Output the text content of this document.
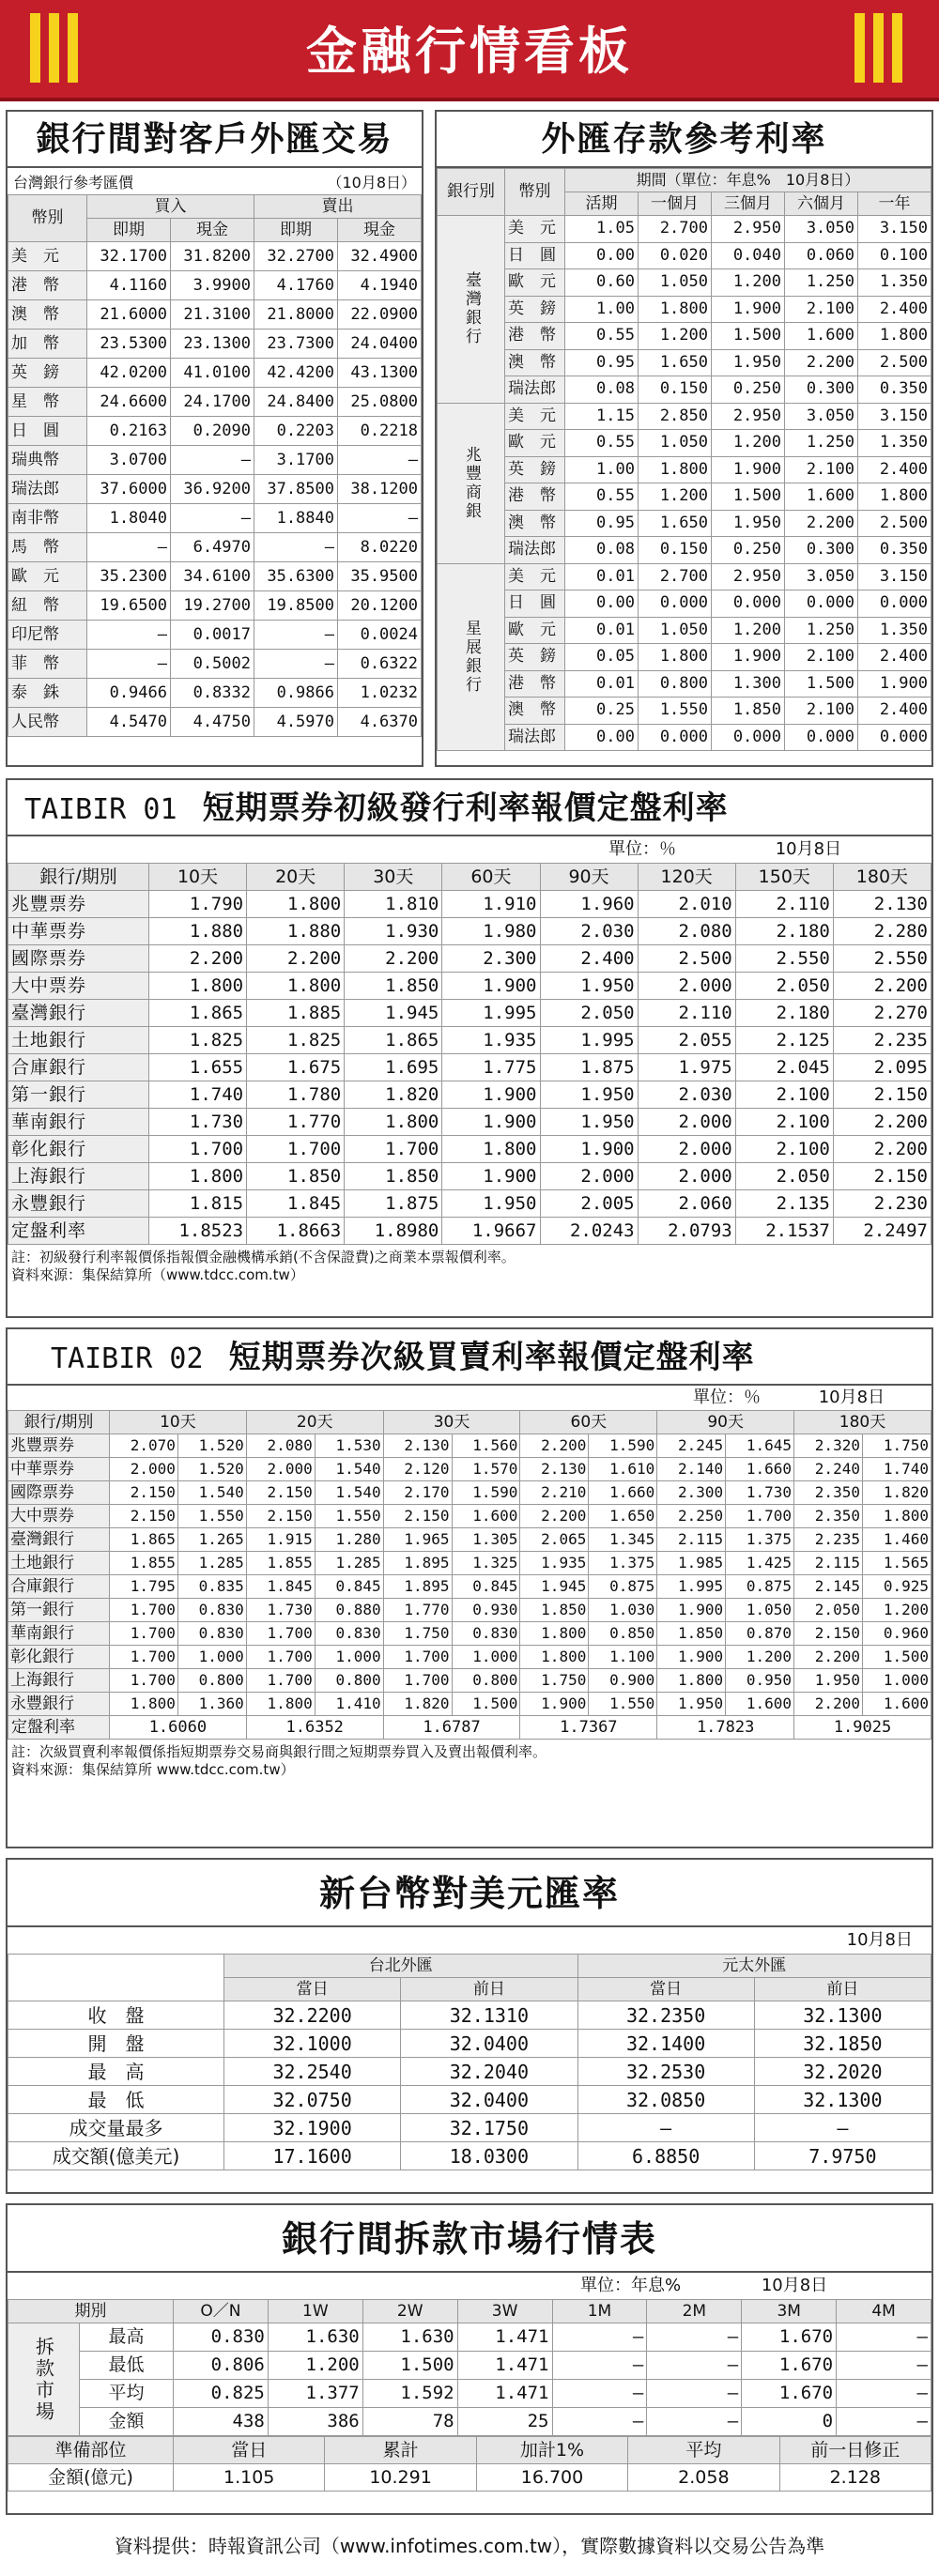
金融行情看板
銀行間對客戶外匯交易
台灣銀行參考匯價	（10月8日）
幣別	買入		賣出	
	即期	現金	即期	現金
美　元	32.1700	31.8200	32.2700	32.4900
港　幣	4.1160	3.9900	4.1760	4.1940
澳　幣	21.6000	21.3100	21.8000	22.0900
加　幣	23.5300	23.1300	23.7300	24.0400
英　鎊	42.0200	41.0100	42.4200	43.1300
星　幣	24.6600	24.1700	24.8400	25.0800
日　圓	0.2163	0.2090	0.2203	0.2218
瑞典幣	3.0700	–	3.1700	–
瑞法郎	37.6000	36.9200	37.8500	38.1200
南非幣	1.8040	–	1.8840	–
馬　幣	–	6.4970	–	8.0220
歐　元	35.2300	34.6100	35.6300	35.9500
紐　幣	19.6500	19.2700	19.8500	20.1200
印尼幣	–	0.0017	–	0.0024
菲　幣	–	0.5002	–	0.6322
泰　銖	0.9466	0.8332	0.9866	1.0232
人民幣	4.5470	4.4750	4.5970	4.6370
外匯存款參考利率
銀行別	幣別	期間（單位：年息%　10月8日）				
		活期	一個月	三個月	六個月	一年
臺灣銀行	美　元	1.05	2.700	2.950	3.050	3.150
	日　圓	0.00	0.020	0.040	0.060	0.100
	歐　元	0.60	1.050	1.200	1.250	1.350
	英　鎊	1.00	1.800	1.900	2.100	2.400
	港　幣	0.55	1.200	1.500	1.600	1.800
	澳　幣	0.95	1.650	1.950	2.200	2.500
	瑞法郎	0.08	0.150	0.250	0.300	0.350
兆豐商銀	美　元	1.15	2.850	2.950	3.050	3.150
	歐　元	0.55	1.050	1.200	1.250	1.350
	英　鎊	1.00	1.800	1.900	2.100	2.400
	港　幣	0.55	1.200	1.500	1.600	1.800
	澳　幣	0.95	1.650	1.950	2.200	2.500
	瑞法郎	0.08	0.150	0.250	0.300	0.350
星展銀行	美　元	0.01	2.700	2.950	3.050	3.150
	日　圓	0.00	0.000	0.000	0.000	0.000
	歐　元	0.01	1.050	1.200	1.250	1.350
	英　鎊	0.05	1.800	1.900	2.100	2.400
	港　幣	0.01	0.800	1.300	1.500	1.900
	澳　幣	0.25	1.550	1.850	2.100	2.400
	瑞法郎	0.00	0.000	0.000	0.000	0.000
TAIBIR 01 短期票券初級發行利率報價定盤利率
單位：％	10月8日
銀行/期別	10天	20天	30天	60天	90天	120天	150天	180天
兆豐票券	1.790	1.800	1.810	1.910	1.960	2.010	2.110	2.130
中華票券	1.880	1.880	1.930	1.980	2.030	2.080	2.180	2.280
國際票券	2.200	2.200	2.200	2.300	2.400	2.500	2.550	2.550
大中票券	1.800	1.800	1.850	1.900	1.950	2.000	2.050	2.200
臺灣銀行	1.865	1.885	1.945	1.995	2.050	2.110	2.180	2.270
土地銀行	1.825	1.825	1.865	1.935	1.995	2.055	2.125	2.235
合庫銀行	1.655	1.675	1.695	1.775	1.875	1.975	2.045	2.095
第一銀行	1.740	1.780	1.820	1.900	1.950	2.030	2.100	2.150
華南銀行	1.730	1.770	1.800	1.900	1.950	2.000	2.100	2.200
彰化銀行	1.700	1.700	1.700	1.800	1.900	2.000	2.100	2.200
上海銀行	1.800	1.850	1.850	1.900	2.000	2.000	2.050	2.150
永豐銀行	1.815	1.845	1.875	1.950	2.005	2.060	2.135	2.230
定盤利率	1.8523	1.8663	1.8980	1.9667	2.0243	2.0793	2.1537	2.2497
註：初級發行利率報價係指報價金融機構承銷(不含保證費)之商業本票報價利率。
資料來源：集保結算所（www.tdcc.com.tw）
TAIBIR 02 短期票券次級買賣利率報價定盤利率
單位：％	10月8日
銀行/期別	10天		20天		30天		60天		90天		180天	
兆豐票券	2.070	1.520	2.080	1.530	2.130	1.560	2.200	1.590	2.245	1.645	2.320	1.750
中華票券	2.000	1.520	2.000	1.540	2.120	1.570	2.130	1.610	2.140	1.660	2.240	1.740
國際票券	2.150	1.540	2.150	1.540	2.170	1.590	2.210	1.660	2.300	1.730	2.350	1.820
大中票券	2.150	1.550	2.150	1.550	2.150	1.600	2.200	1.650	2.250	1.700	2.350	1.800
臺灣銀行	1.865	1.265	1.915	1.280	1.965	1.305	2.065	1.345	2.115	1.375	2.235	1.460
土地銀行	1.855	1.285	1.855	1.285	1.895	1.325	1.935	1.375	1.985	1.425	2.115	1.565
合庫銀行	1.795	0.835	1.845	0.845	1.895	0.845	1.945	0.875	1.995	0.875	2.145	0.925
第一銀行	1.700	0.830	1.730	0.880	1.770	0.930	1.850	1.030	1.900	1.050	2.050	1.200
華南銀行	1.700	0.830	1.700	0.830	1.750	0.830	1.800	0.850	1.850	0.870	2.150	0.960
彰化銀行	1.700	1.000	1.700	1.000	1.700	1.000	1.800	1.100	1.900	1.200	2.200	1.500
上海銀行	1.700	0.800	1.700	0.800	1.700	0.800	1.750	0.900	1.800	0.950	1.950	1.000
永豐銀行	1.800	1.360	1.800	1.410	1.820	1.500	1.900	1.550	1.950	1.600	2.200	1.600
定盤利率	1.6060		1.6352		1.6787		1.7367		1.7823		1.9025	
註：次級買賣利率報價係指短期票券交易商與銀行間之短期票券買入及賣出報價利率。
資料來源：集保結算所 www.tdcc.com.tw）
新台幣對美元匯率
10月8日
	台北外匯		元太外匯	
	當日	前日	當日	前日
收　盤	32.2200	32.1310	32.2350	32.1300
開　盤	32.1000	32.0400	32.1400	32.1850
最　高	32.2540	32.2040	32.2530	32.2020
最　低	32.0750	32.0400	32.0850	32.1300
成交量最多	32.1900	32.1750	–	–
成交額(億美元)	17.1600	18.0300	6.8850	7.9750
銀行間拆款市場行情表
單位：年息%	10月8日
期別		O／N	1W	2W	3W	1M	2M	3M	4M
拆款市場	最高	0.830	1.630	1.630	1.471	–	–	1.670	–
	最低	0.806	1.200	1.500	1.471	–	–	1.670	–
	平均	0.825	1.377	1.592	1.471	–	–	1.670	–
	金額	438	386	78	25	–	–	0	–
準備部位	當日	累計	加計1%	平均	前一日修正
金額(億元)	1.105	10.291	16.700	2.058	2.128
資料提供：時報資訊公司（www.infotimes.com.tw），實際數據資料以交易公告為準
